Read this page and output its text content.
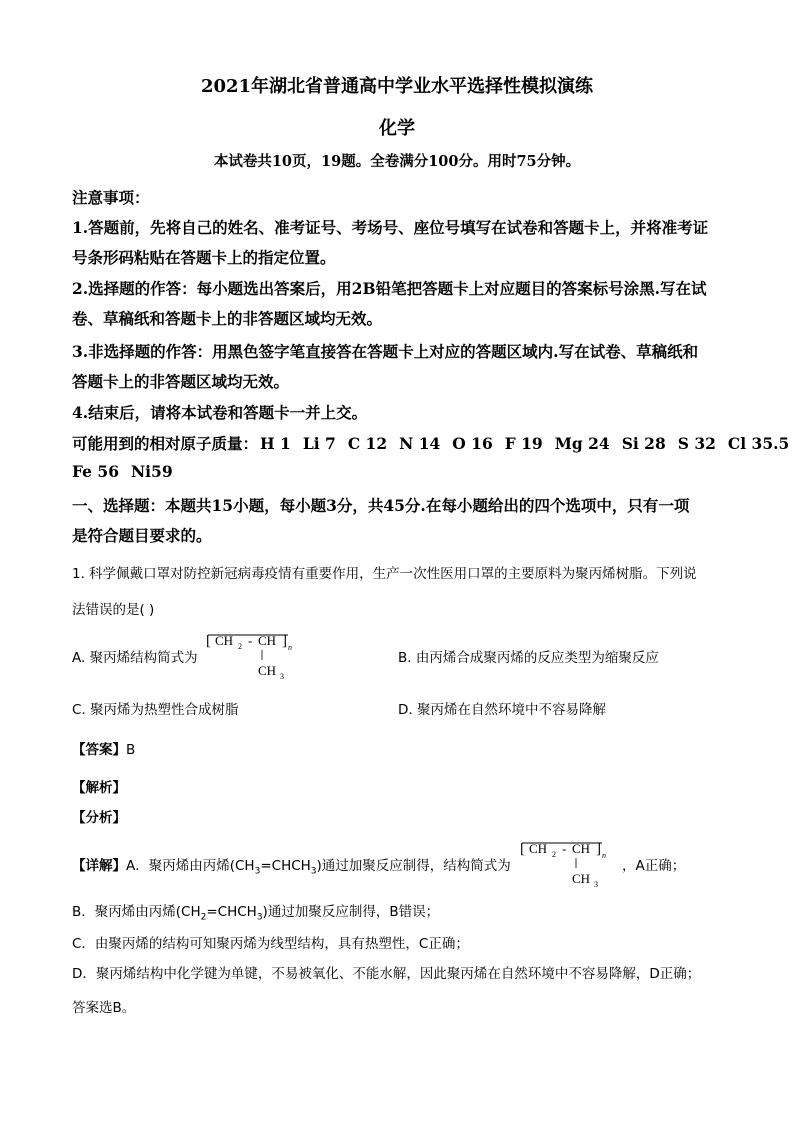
2021年湖北省普通高中学业水平选择性模拟演练
化学
本试卷共10页，19题。全卷满分100分。用时75分钟。
注意事项：
1.答题前，先将自己的姓名、准考证号、考场号、座位号填写在试卷和答题卡上，并将准考证
号条形码粘贴在答题卡上的指定位置。
2.选择题的作答：每小题选出答案后，用2B铅笔把答题卡上对应题目的答案标号涂黑.写在试
卷、草稿纸和答题卡上的非答题区域均无效。
3.非选择题的作答：用黑色签字笔直接答在答题卡上对应的答题区域内.写在试卷、草稿纸和
答题卡上的非答题区域均无效。
4.结束后，请将本试卷和答题卡一并上交。
可能用到的相对原子质量： H 1 Li 7 C 12 N 14 O 16 F 19 Mg 24 Si 28 S 32 Cl 35.5
Fe 56 Ni59
一、选择题：本题共15小题，每小题3分，共45分.在每小题给出的四个选项中，只有一项
是符合题目要求的。
1. 科学佩戴口罩对防控新冠病毒疫情有重要作用，生产一次性医用口罩的主要原料为聚丙烯树脂。下列说
法错误的是( )
A. 聚丙烯结构简式为
[ CH 2 - CH ] n
CH 3
B. 由丙烯合成聚丙烯的反应类型为缩聚反应
C. 聚丙烯为热塑性合成树脂	D. 聚丙烯在自然环境中不容易降解
【答案】B
【解析】
【分析】
【详解】A．聚丙烯由丙烯$(CH_3=CHCH_3)$通过加聚反应制得，结构简式为
[ CH 2 - CH ] n
CH 3
，A正确；
B．聚丙烯由丙烯$(CH_2=CHCH_3)$通过加聚反应制得，B错误；
C．由聚丙烯的结构可知聚丙烯为线型结构，具有热塑性，C正确；
D．聚丙烯结构中化学键为单键，不易被氧化、不能水解，因此聚丙烯在自然环境中不容易降解，D正确；
答案选B。
